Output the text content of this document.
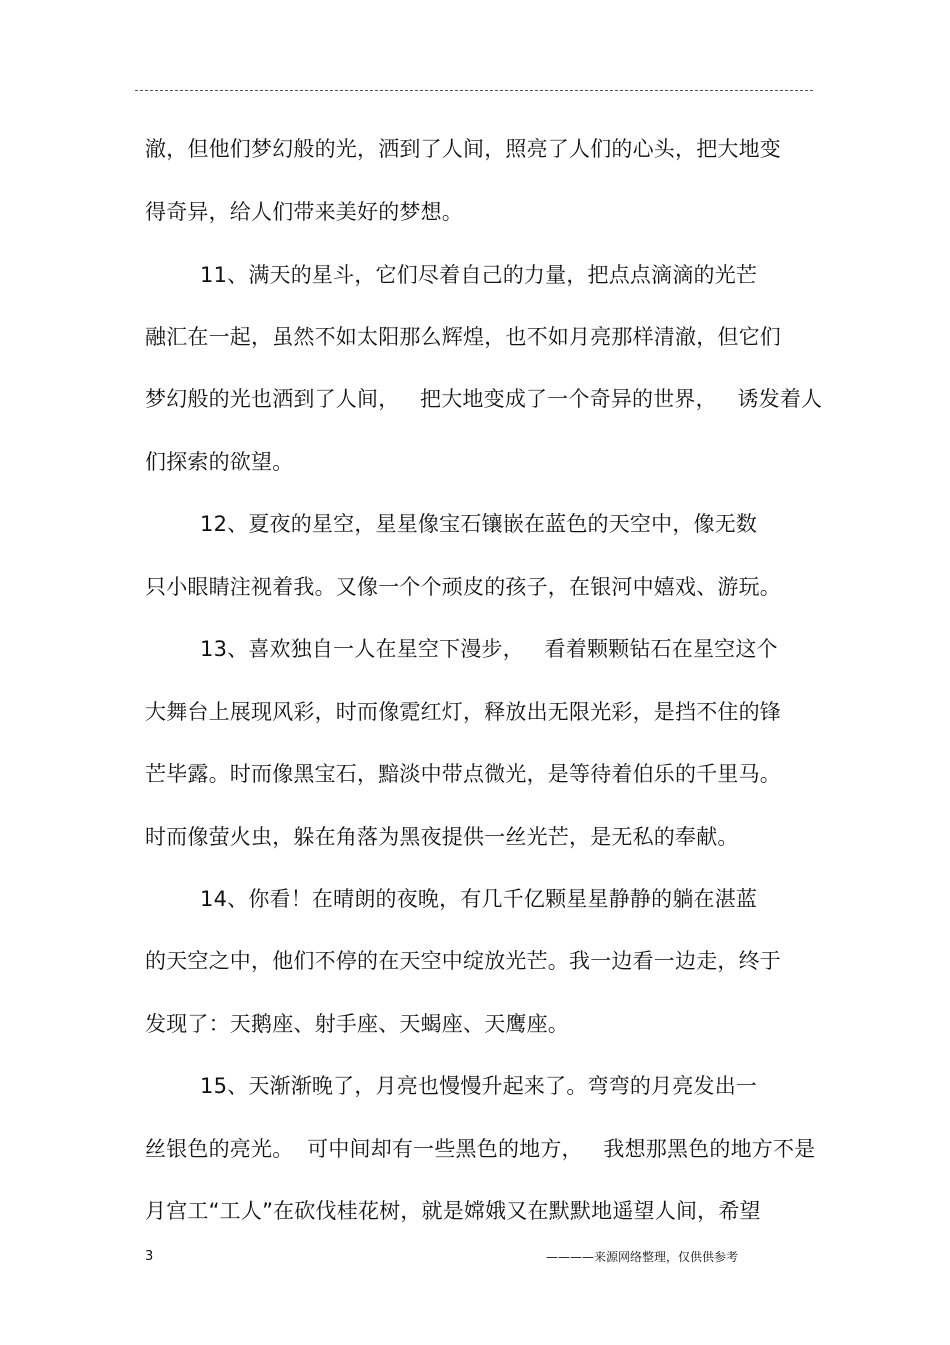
澈，但他们梦幻般的光，洒到了人间，照亮了人们的心头，把大地变
得奇异，给人们带来美好的梦想。
11、满天的星斗，它们尽着自己的力量，把点点滴滴的光芒
融汇在一起，虽然不如太阳那么辉煌，也不如月亮那样清澈，但它们
梦幻般的光也洒到了人间，   把大地变成了一个奇异的世界，   诱发着人
们探索的欲望。
12、夏夜的星空，星星像宝石镶嵌在蓝色的天空中，像无数
只小眼睛注视着我。又像一个个顽皮的孩子，在银河中嬉戏、游玩。
13、喜欢独自一人在星空下漫步，   看着颗颗钻石在星空这个
大舞台上展现风彩，时而像霓红灯，释放出无限光彩，是挡不住的锋
芒毕露。时而像黑宝石，黯淡中带点微光，是等待着伯乐的千里马。
时而像萤火虫，躲在角落为黑夜提供一丝光芒，是无私的奉献。
14、你看！在晴朗的夜晚，有几千亿颗星星静静的躺在湛蓝
的天空之中，他们不停的在天空中绽放光芒。我一边看一边走，终于
发现了：天鹅座、射手座、天蝎座、天鹰座。
15、天渐渐晚了，月亮也慢慢升起来了。弯弯的月亮发出一
丝银色的亮光。  可中间却有一些黑色的地方，   我想那黑色的地方不是
月宫工“工人”在砍伐桂花树，就是嫦娥又在默默地遥望人间，希望
3	————来源网络整理，仅供供参考
